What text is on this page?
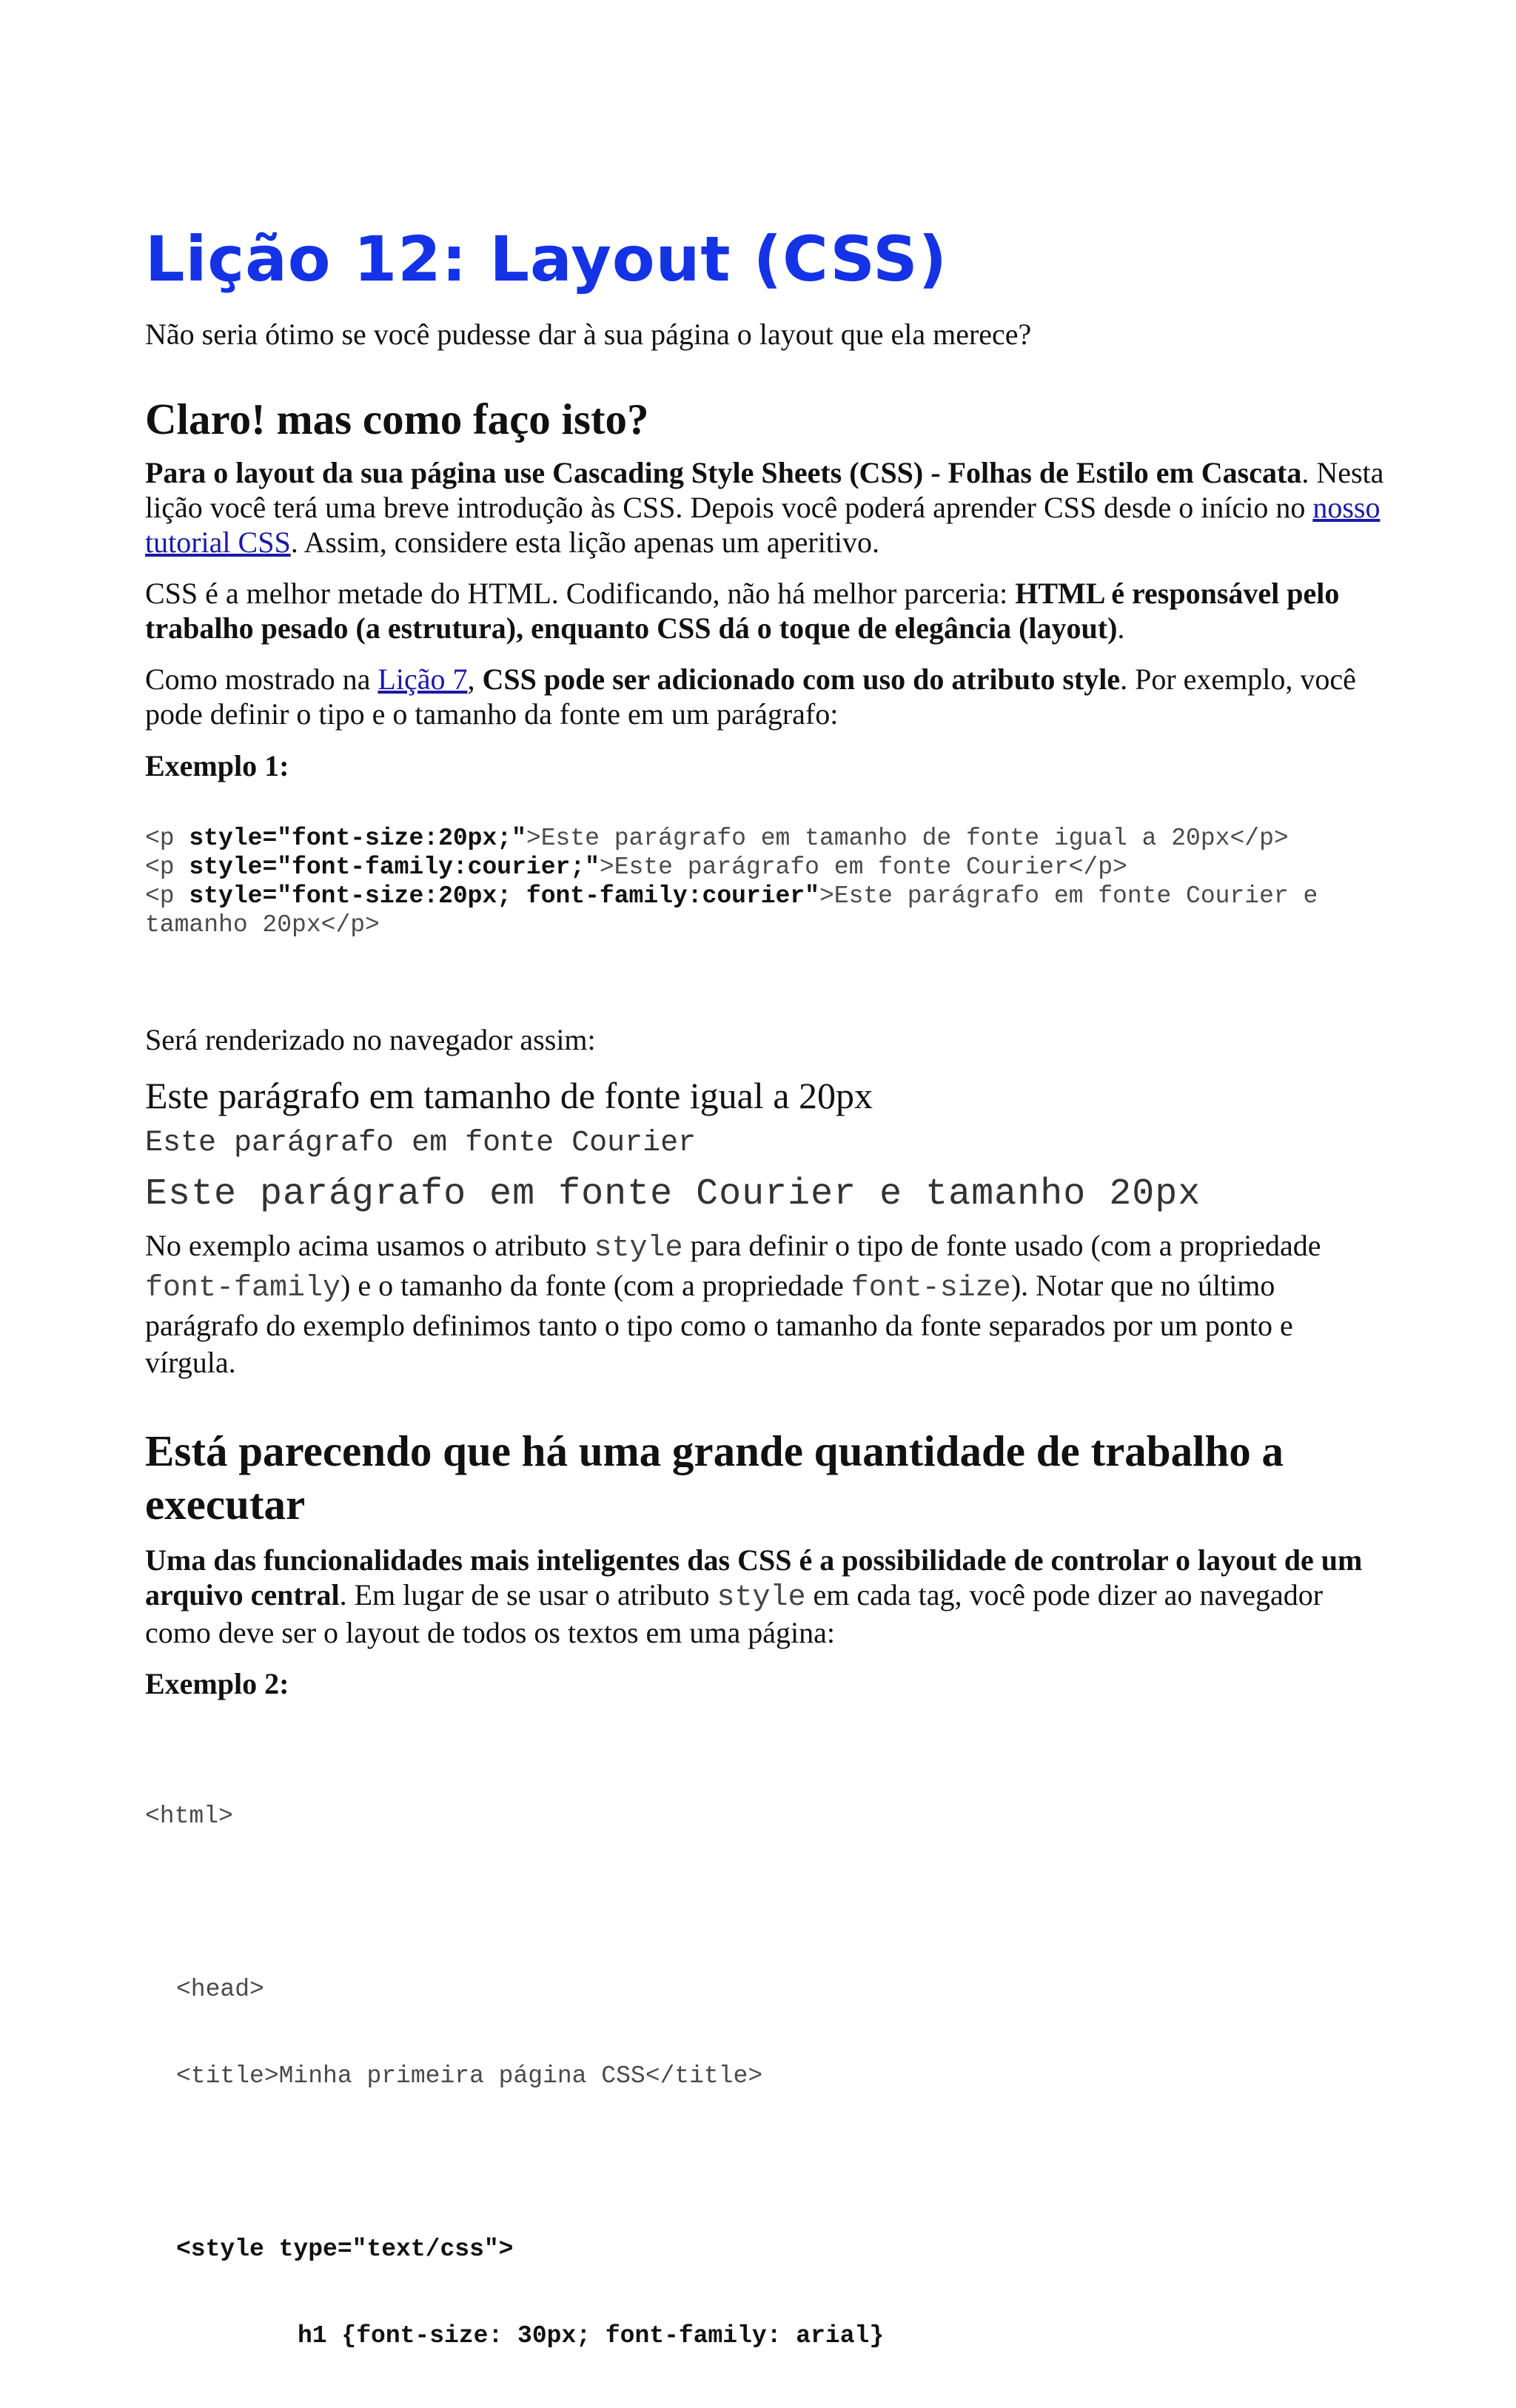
Lição 12: Layout (CSS)

Não seria ótimo se você pudesse dar à sua página o layout que ela merece?

Claro! mas como faço isto?

Para o layout da sua página use Cascading Style Sheets (CSS) - Folhas de Estilo em Cascata. Nesta lição você terá uma breve introdução às CSS. Depois você poderá aprender CSS desde o início no nosso tutorial CSS. Assim, considere esta lição apenas um aperitivo.

CSS é a melhor metade do HTML. Codificando, não há melhor parceria: HTML é responsável pelo trabalho pesado (a estrutura), enquanto CSS dá o toque de elegância (layout).

Como mostrado na Lição 7, CSS pode ser adicionado com uso do atributo style. Por exemplo, você pode definir o tipo e o tamanho da fonte em um parágrafo:

Exemplo 1:

<p style="font-size:20px;">Este parágrafo em tamanho de fonte igual a 20px</p>
<p style="font-family:courier;">Este parágrafo em fonte Courier</p>
<p style="font-size:20px; font-family:courier">Este parágrafo em fonte Courier e tamanho 20px</p>

Será renderizado no navegador assim:

Este parágrafo em tamanho de fonte igual a 20px
Este parágrafo em fonte Courier
Este parágrafo em fonte Courier e tamanho 20px

No exemplo acima usamos o atributo style para definir o tipo de fonte usado (com a propriedade font-family) e o tamanho da fonte (com a propriedade font-size). Notar que no último parágrafo do exemplo definimos tanto o tipo como o tamanho da fonte separados por um ponto e vírgula.

Está parecendo que há uma grande quantidade de trabalho a executar

Uma das funcionalidades mais inteligentes das CSS é a possibilidade de controlar o layout de um arquivo central. Em lugar de se usar o atributo style em cada tag, você pode dizer ao navegador como deve ser o layout de todos os textos em uma página:

Exemplo 2:

<html>

<head>

<title>Minha primeira página CSS</title>

<style type="text/css">

h1 {font-size: 30px; font-family: arial}
